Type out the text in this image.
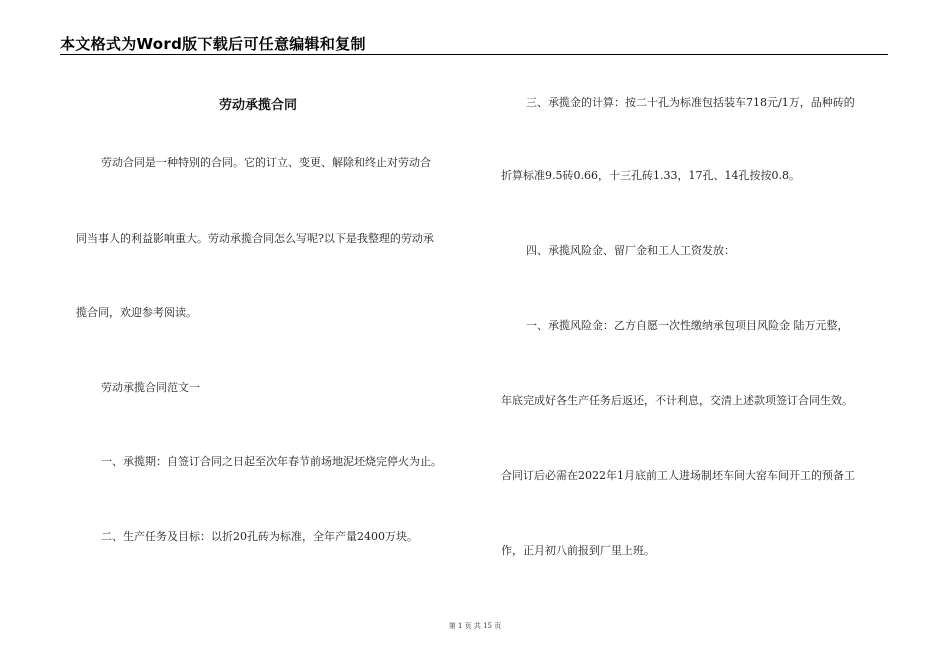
本文格式为Word版下载后可任意编辑和复制
劳动承揽合同
劳动合同是一种特别的合同。它的订立、变更、解除和终止对劳动合
同当事人的利益影响重大。劳动承揽合同怎么写呢?以下是我整理的劳动承
揽合同，欢迎参考阅读。
劳动承揽合同范文一
一、承揽期：自签订合同之日起至次年春节前场地泥坯烧完停火为止。
二、生产任务及目标：以折20孔砖为标准，全年产量2400万块。
三、承揽金的计算：按二十孔为标准包括装车718元/1万，品种砖的
折算标准9.5砖0.66，十三孔砖1.33，17孔、14孔按按0.8。
四、承揽风险金、留厂金和工人工资发放：
一、承揽风险金：乙方自愿一次性缴纳承包项目风险金 陆万元整，
年底完成好各生产任务后返还，不计利息，交清上述款项签订合同生效。
合同订后必需在2022年1月底前工人进场制坯车间大窑车间开工的预备工
作，正月初八前报到厂里上班。
第 1 页 共 15 页
